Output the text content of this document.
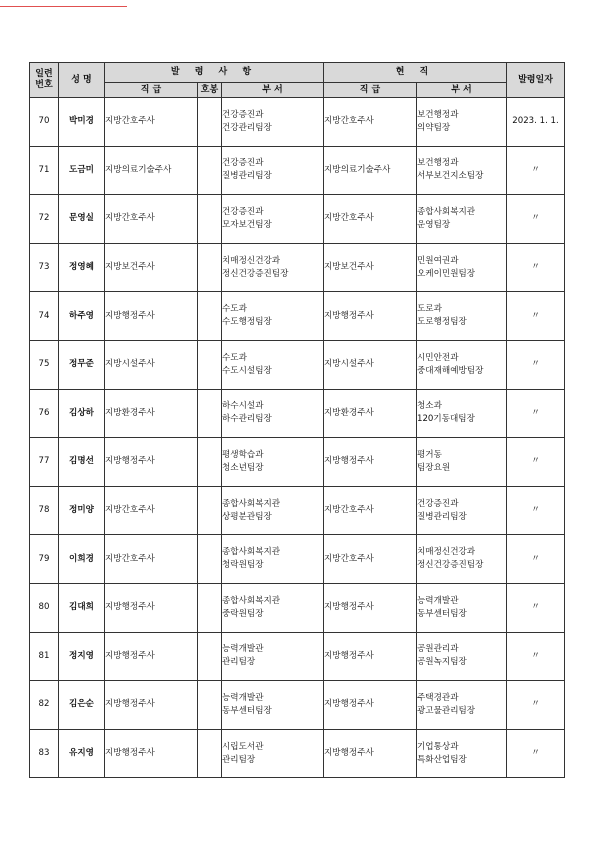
일련
번호	성 명	발 령 사 항			현 직		발령일자
		직 급	호봉	부 서	직 급	부 서	
70	박미경	지방간호주사		건강증진과
건강관리팀장	지방간호주사	보건행정과
의약팀장	2023. 1. 1.
71	도금미	지방의료기술주사		건강증진과
질병관리팀장	지방의료기술주사	보건행정과
서부보건지소팀장	〃
72	문영실	지방간호주사		건강증진과
모자보건팀장	지방간호주사	종합사회복지관
운영팀장	〃
73	정영혜	지방보건주사		치매정신건강과
정신건강증진팀장	지방보건주사	민원여권과
오케이민원팀장	〃
74	하주영	지방행정주사		수도과
수도행정팀장	지방행정주사	도로과
도로행정팀장	〃
75	정무준	지방시설주사		수도과
수도시설팀장	지방시설주사	시민안전과
중대재해예방팀장	〃
76	김상하	지방환경주사		하수시설과
하수관리팀장	지방환경주사	청소과
120기동대팀장	〃
77	김명선	지방행정주사		평생학습과
청소년팀장	지방행정주사	평거동
팀장요원	〃
78	정미양	지방간호주사		종합사회복지관
상평분관팀장	지방간호주사	건강증진과
질병관리팀장	〃
79	이희경	지방간호주사		종합사회복지관
청락원팀장	지방간호주사	치매정신건강과
정신건강증진팀장	〃
80	김대희	지방행정주사		종합사회복지관
중락원팀장	지방행정주사	능력개발관
동부센터팀장	〃
81	정지영	지방행정주사		능력개발관
관리팀장	지방행정주사	공원관리과
공원녹지팀장	〃
82	김은순	지방행정주사		능력개발관
동부센터팀장	지방행정주사	주택경관과
광고물관리팀장	〃
83	유지영	지방행정주사		시립도서관
관리팀장	지방행정주사	기업통상과
특화산업팀장	〃
